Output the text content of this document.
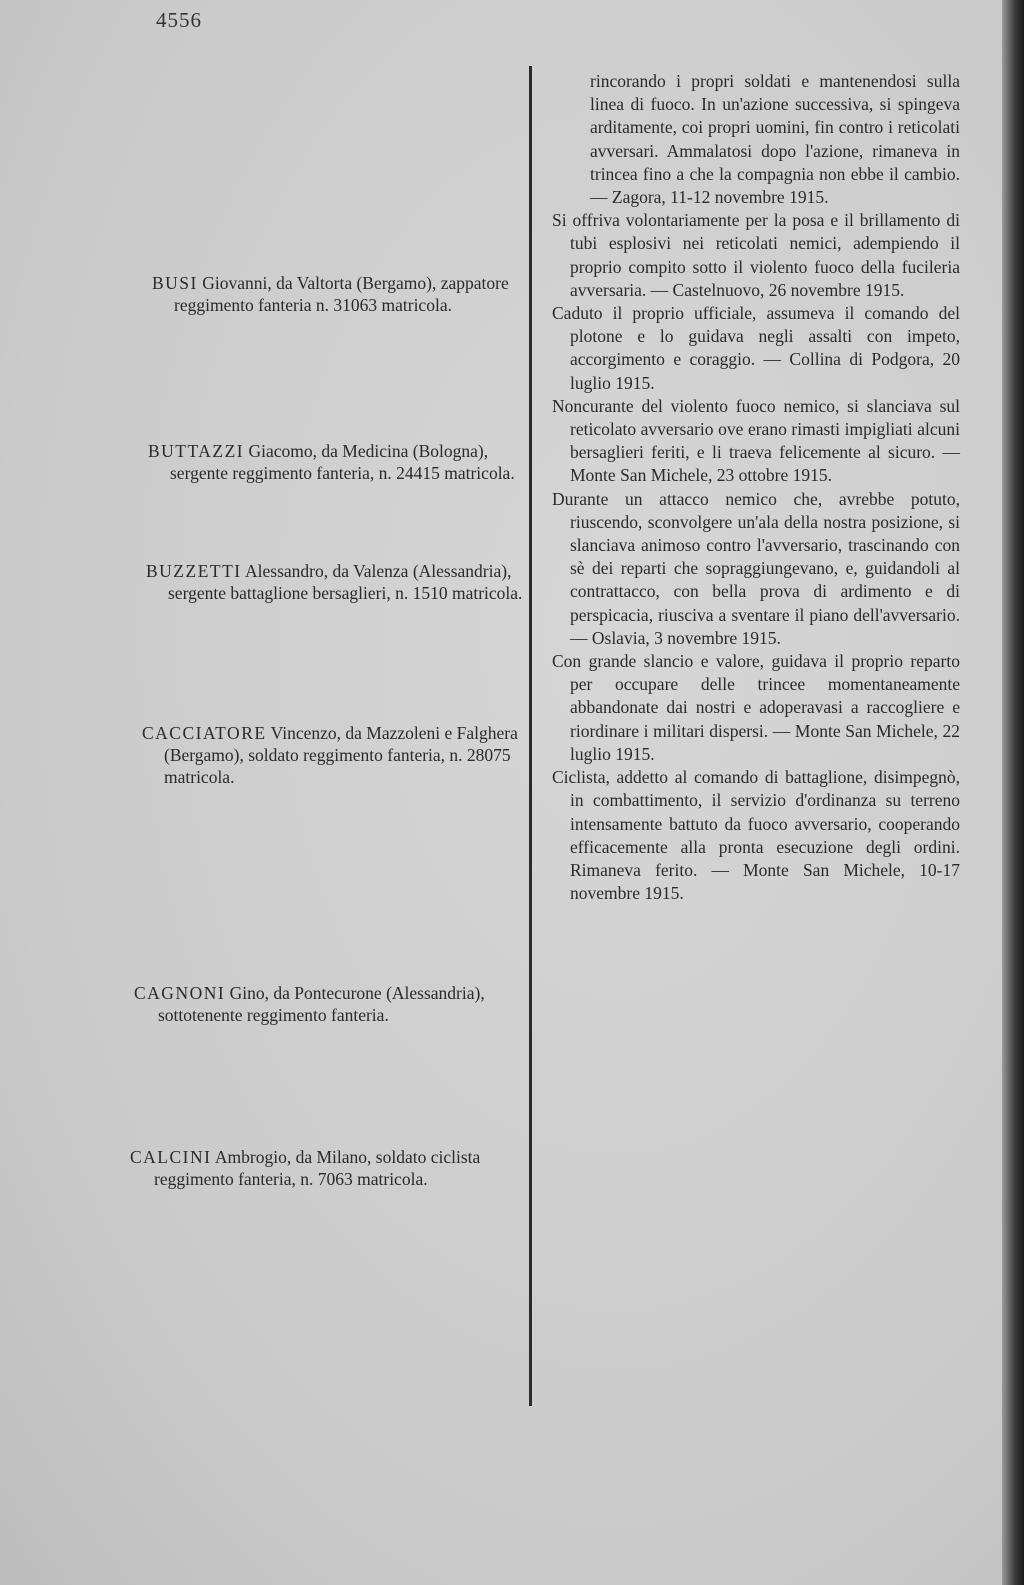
4556

BUSI Giovanni, da Valtorta (Bergamo), zappatore reggimento fanteria n. 31063 matricola.

BUTTAZZI Giacomo, da Medicina (Bologna), sergente reggimento fanteria, n. 24415 matricola.

BUZZETTI Alessandro, da Valenza (Alessandria), sergente battaglione bersaglieri, n. 1510 matricola.

CACCIATORE Vincenzo, da Mazzoleni e Falghera (Bergamo), soldato reggimento fanteria, n. 28075 matricola.

CAGNONI Gino, da Pontecurone (Alessandria), sottotenente reggimento fanteria.

CALCINI Ambrogio, da Milano, soldato ciclista reggimento fanteria, n. 7063 matricola.

rincorando i propri soldati e mantenendosi sulla linea di fuoco. In un'azione successiva, si spingeva arditamente, coi propri uomini, fin contro i reticolati avversari. Ammalatosi dopo l'azione, rimaneva in trincea fino a che la compagnia non ebbe il cambio. — Zagora, 11-12 novembre 1915.

Si offriva volontariamente per la posa e il brillamento di tubi esplosivi nei reticolati nemici, adempiendo il proprio compito sotto il violento fuoco della fucileria avversaria. — Castelnuovo, 26 novembre 1915.

Caduto il proprio ufficiale, assumeva il comando del plotone e lo guidava negli assalti con impeto, accorgimento e coraggio. — Collina di Podgora, 20 luglio 1915.

Noncurante del violento fuoco nemico, si slanciava sul reticolato avversario ove erano rimasti impigliati alcuni bersaglieri feriti, e li traeva felicemente al sicuro. — Monte San Michele, 23 ottobre 1915.

Durante un attacco nemico che, avrebbe potuto, riuscendo, sconvolgere un'ala della nostra posizione, si slanciava animoso contro l'avversario, trascinando con sè dei reparti che sopraggiungevano, e, guidandoli al contrattacco, con bella prova di ardimento e di perspicacia, riusciva a sventare il piano dell'avversario. — Oslavia, 3 novembre 1915.

Con grande slancio e valore, guidava il proprio reparto per occupare delle trincee momentaneamente abbandonate dai nostri e adoperavasi a raccogliere e riordinare i militari dispersi. — Monte San Michele, 22 luglio 1915.

Ciclista, addetto al comando di battaglione, disimpegnò, in combattimento, il servizio d'ordinanza su terreno intensamente battuto da fuoco avversario, cooperando efficacemente alla pronta esecuzione degli ordini. Rimaneva ferito. — Monte San Michele, 10-17 novembre 1915.
